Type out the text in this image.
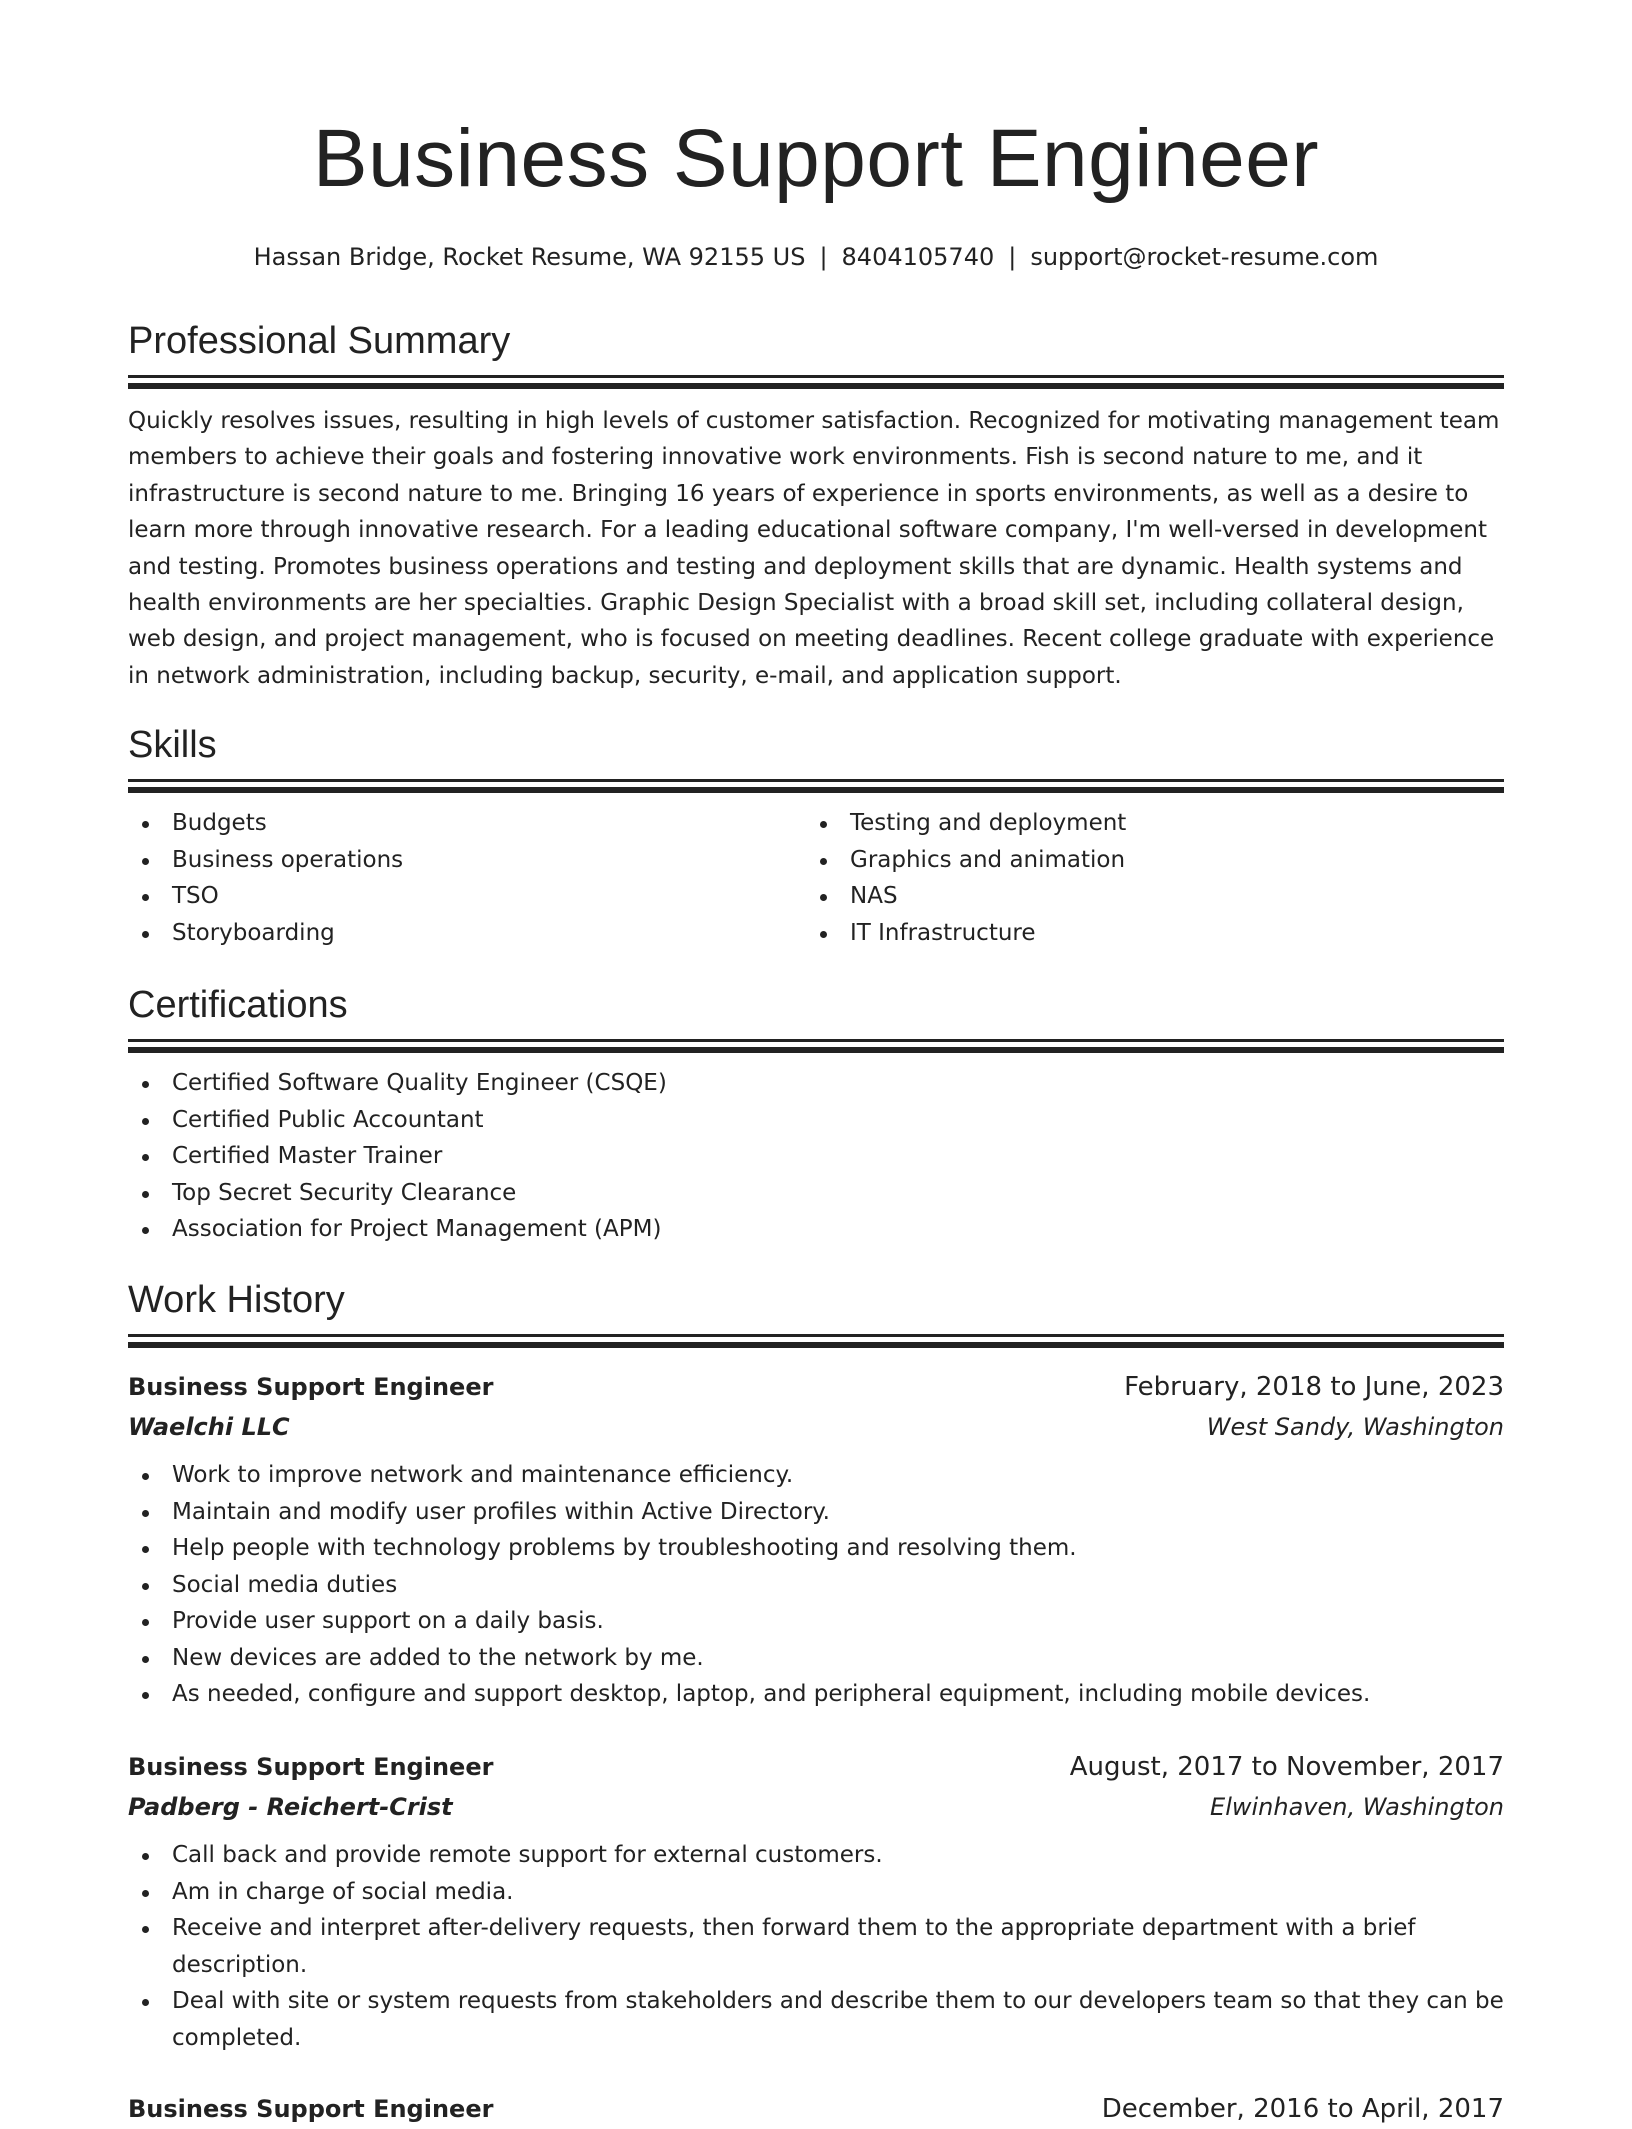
Business Support Engineer
Hassan Bridge, Rocket Resume, WA 92155 US | 8404105740 | support@rocket-resume.com
Professional Summary
Quickly resolves issues, resulting in high levels of customer satisfaction. Recognized for motivating management team members to achieve their goals and fostering innovative work environments. Fish is second nature to me, and it infrastructure is second nature to me. Bringing 16 years of experience in sports environments, as well as a desire to learn more through innovative research. For a leading educational software company, I'm well-versed in development and testing. Promotes business operations and testing and deployment skills that are dynamic. Health systems and health environments are her specialties. Graphic Design Specialist with a broad skill set, including collateral design, web design, and project management, who is focused on meeting deadlines. Recent college graduate with experience in network administration, including backup, security, e-mail, and application support.
Skills
Budgets
Business operations
TSO
Storyboarding
Testing and deployment
Graphics and animation
NAS
IT Infrastructure
Certifications
Certified Software Quality Engineer (CSQE)
Certified Public Accountant
Certified Master Trainer
Top Secret Security Clearance
Association for Project Management (APM)
Work History
Business Support Engineer	February, 2018 to June, 2023
Waelchi LLC	West Sandy, Washington
Work to improve network and maintenance efficiency.
Maintain and modify user profiles within Active Directory.
Help people with technology problems by troubleshooting and resolving them.
Social media duties
Provide user support on a daily basis.
New devices are added to the network by me.
As needed, configure and support desktop, laptop, and peripheral equipment, including mobile devices.
Business Support Engineer	August, 2017 to November, 2017
Padberg - Reichert-Crist	Elwinhaven, Washington
Call back and provide remote support for external customers.
Am in charge of social media.
Receive and interpret after-delivery requests, then forward them to the appropriate department with a brief description.
Deal with site or system requests from stakeholders and describe them to our developers team so that they can be completed.
Business Support Engineer	December, 2016 to April, 2017
